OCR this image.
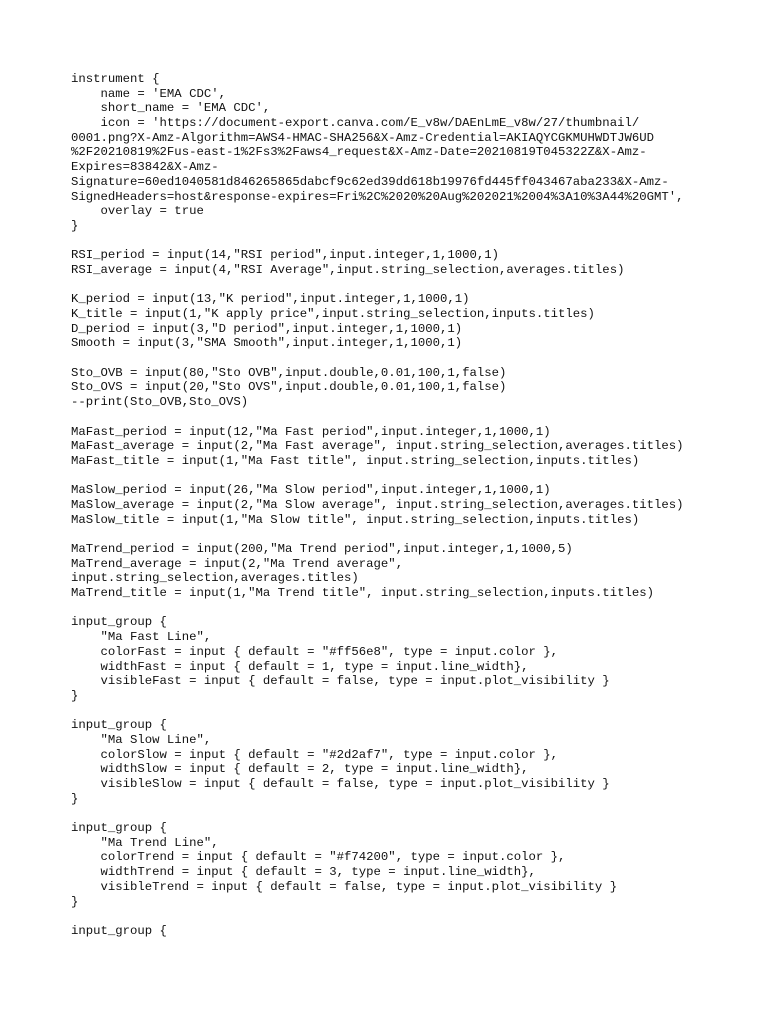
instrument {
name = 'EMA CDC',
short_name = 'EMA CDC',
icon = 'https://document-export.canva.com/E_v8w/DAEnLmE_v8w/27/thumbnail/
0001.png?X-Amz-Algorithm=AWS4-HMAC-SHA256&X-Amz-Credential=AKIAQYCGKMUHWDTJW6UD
%2F20210819%2Fus-east-1%2Fs3%2Faws4_request&X-Amz-Date=20210819T045322Z&X-Amz-
Expires=83842&X-Amz-
Signature=60ed1040581d846265865dabcf9c62ed39dd618b19976fd445ff043467aba233&X-Amz-
SignedHeaders=host&response-expires=Fri%2C%2020%20Aug%202021%2004%3A10%3A44%20GMT',
overlay = true
}
RSI_period = input(14,"RSI period",input.integer,1,1000,1)
RSI_average = input(4,"RSI Average",input.string_selection,averages.titles)
K_period = input(13,"K period",input.integer,1,1000,1)
K_title = input(1,"K apply price",input.string_selection,inputs.titles)
D_period = input(3,"D period",input.integer,1,1000,1)
Smooth = input(3,"SMA Smooth",input.integer,1,1000,1)
Sto_OVB = input(80,"Sto OVB",input.double,0.01,100,1,false)
Sto_OVS = input(20,"Sto OVS",input.double,0.01,100,1,false)
--print(Sto_OVB,Sto_OVS)
MaFast_period = input(12,"Ma Fast period",input.integer,1,1000,1)
MaFast_average = input(2,"Ma Fast average", input.string_selection,averages.titles)
MaFast_title = input(1,"Ma Fast title", input.string_selection,inputs.titles)
MaSlow_period = input(26,"Ma Slow period",input.integer,1,1000,1)
MaSlow_average = input(2,"Ma Slow average", input.string_selection,averages.titles)
MaSlow_title = input(1,"Ma Slow title", input.string_selection,inputs.titles)
MaTrend_period = input(200,"Ma Trend period",input.integer,1,1000,5)
MaTrend_average = input(2,"Ma Trend average",
input.string_selection,averages.titles)
MaTrend_title = input(1,"Ma Trend title", input.string_selection,inputs.titles)
input_group {
"Ma Fast Line",
colorFast = input { default = "#ff56e8", type = input.color },
widthFast = input { default = 1, type = input.line_width},
visibleFast = input { default = false, type = input.plot_visibility }
}
input_group {
"Ma Slow Line",
colorSlow = input { default = "#2d2af7", type = input.color },
widthSlow = input { default = 2, type = input.line_width},
visibleSlow = input { default = false, type = input.plot_visibility }
}
input_group {
"Ma Trend Line",
colorTrend = input { default = "#f74200", type = input.color },
widthTrend = input { default = 3, type = input.line_width},
visibleTrend = input { default = false, type = input.plot_visibility }
}
input_group {
